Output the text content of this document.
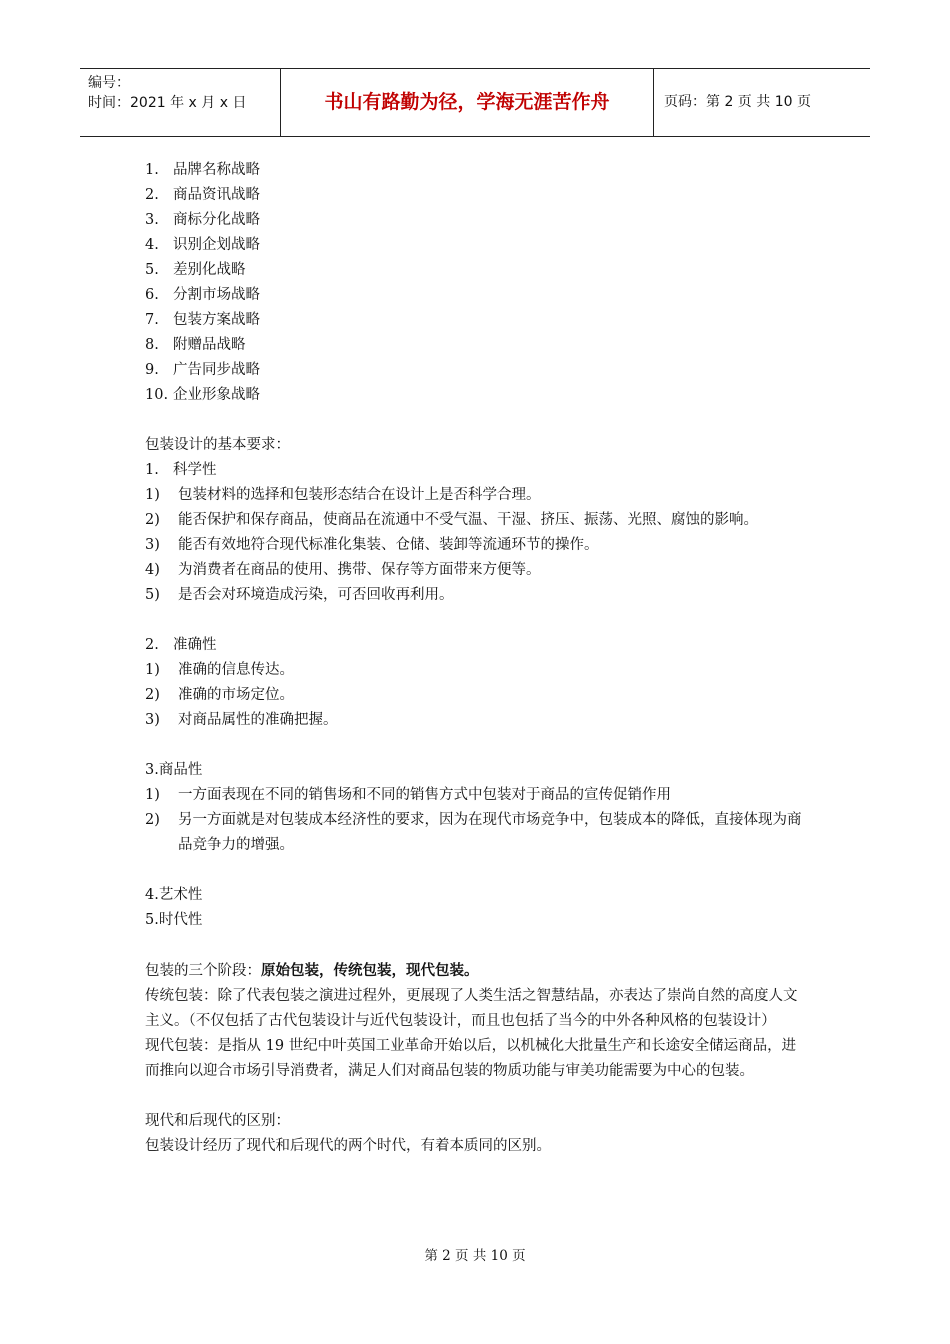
编号：
时间：2021 年 x 月 x 日	书山有路勤为径，学海无涯苦作舟	页码：第 2 页 共 10 页
1. 品牌名称战略
2. 商品资讯战略
3. 商标分化战略
4. 识别企划战略
5. 差别化战略
6. 分割市场战略
7. 包装方案战略
8. 附赠品战略
9. 广告同步战略
10. 企业形象战略
包装设计的基本要求：
1. 科学性
1) 包装材料的选择和包装形态结合在设计上是否科学合理。
2) 能否保护和保存商品，使商品在流通中不受气温、干湿、挤压、振荡、光照、腐蚀的影响。
3) 能否有效地符合现代标准化集装、仓储、装卸等流通环节的操作。
4) 为消费者在商品的使用、携带、保存等方面带来方便等。
5) 是否会对环境造成污染，可否回收再利用。
2. 准确性
1) 准确的信息传达。
2) 准确的市场定位。
3) 对商品属性的准确把握。
3.商品性
1) 一方面表现在不同的销售场和不同的销售方式中包装对于商品的宣传促销作用
2) 另一方面就是对包装成本经济性的要求，因为在现代市场竞争中，包装成本的降低，直接体现为商品竞争力的增强。
4.艺术性
5.时代性
包装的三个阶段：原始包装，传统包装，现代包装。
传统包装：除了代表包装之演进过程外，更展现了人类生活之智慧结晶，亦表达了崇尚自然的高度人文主义。（不仅包括了古代包装设计与近代包装设计，而且也包括了当今的中外各种风格的包装设计）
现代包装：是指从 19 世纪中叶英国工业革命开始以后，以机械化大批量生产和长途安全储运商品，进而推向以迎合市场引导消费者，满足人们对商品包装的物质功能与审美功能需要为中心的包装。
现代和后现代的区别：
包装设计经历了现代和后现代的两个时代，有着本质同的区别。
第 2 页 共 10 页
